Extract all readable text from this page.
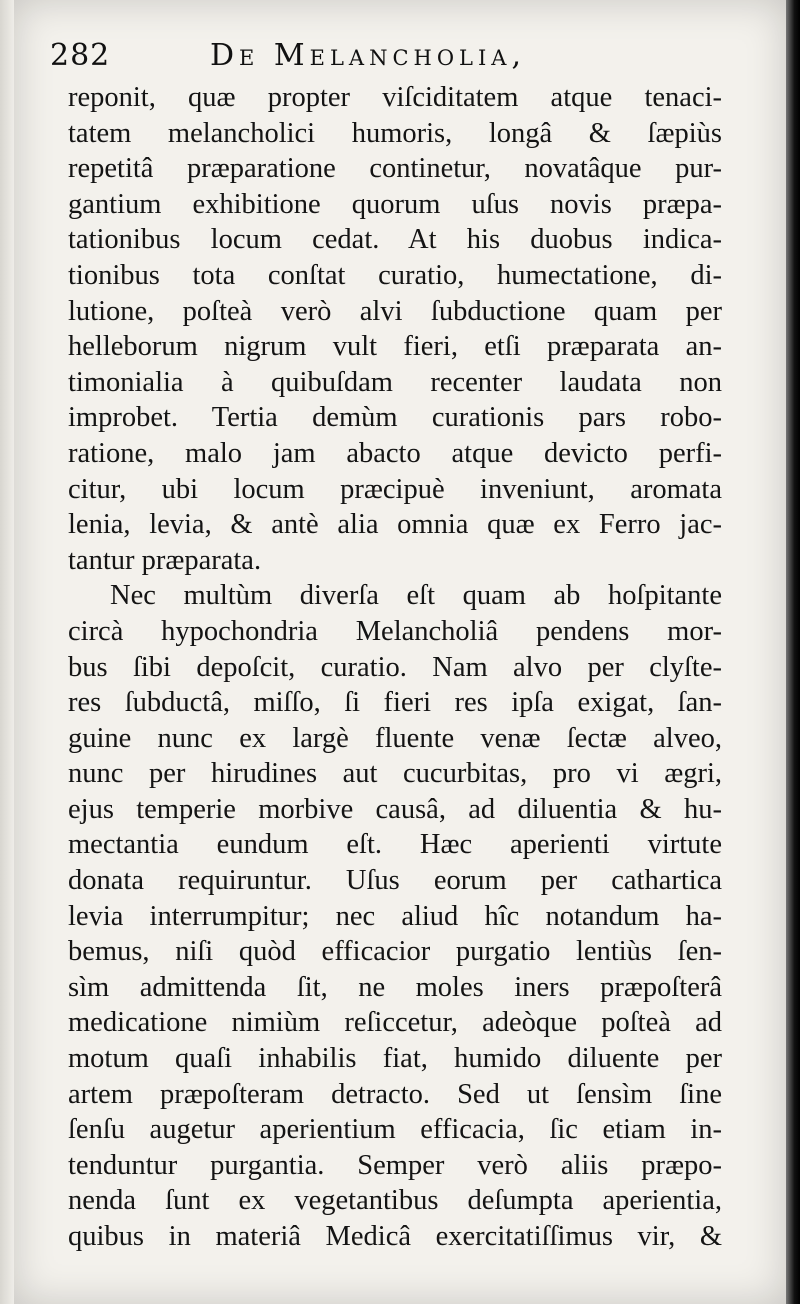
282	De Melancholia,
reponit, quæ propter viſciditatem atque tenaci-
tatem melancholici humoris, longâ & ſæpiùs
repetitâ præparatione continetur, novatâque pur-
gantium exhibitione quorum uſus novis præpa-
tationibus locum cedat. At his duobus indica-
tionibus tota conſtat curatio, humectatione, di-
lutione, poſteà verò alvi ſubductione quam per
helleborum nigrum vult fieri, etſi præparata an-
timonialia à quibuſdam recenter laudata non
improbet. Tertia demùm curationis pars robo-
ratione, malo jam abacto atque devicto perfi-
citur, ubi locum præcipuè inveniunt, aromata
lenia, levia, & antè alia omnia quæ ex Ferro jac-
tantur præparata.
Nec multùm diverſa eſt quam ab hoſpitante
circà hypochondria Melancholiâ pendens mor-
bus ſibi depoſcit, curatio. Nam alvo per clyſte-
res ſubductâ, miſſo, ſi fieri res ipſa exigat, ſan-
guine nunc ex largè fluente venæ ſectæ alveo,
nunc per hirudines aut cucurbitas, pro vi ægri,
ejus temperie morbive causâ, ad diluentia & hu-
mectantia eundum eſt. Hæc aperienti virtute
donata requiruntur. Uſus eorum per cathartica
levia interrumpitur; nec aliud hîc notandum ha-
bemus, niſi quòd efficacior purgatio lentiùs ſen-
sìm admittenda ſit, ne moles iners præpoſterâ
medicatione nimiùm reſiccetur, adeòque poſteà ad
motum quaſi inhabilis fiat, humido diluente per
artem præpoſteram detracto. Sed ut ſensìm ſine
ſenſu augetur aperientium efficacia, ſic etiam in-
tenduntur purgantia. Semper verò aliis præpo-
nenda ſunt ex vegetantibus deſumpta aperientia,
quibus in materiâ Medicâ exercitatiſſimus vir, &
